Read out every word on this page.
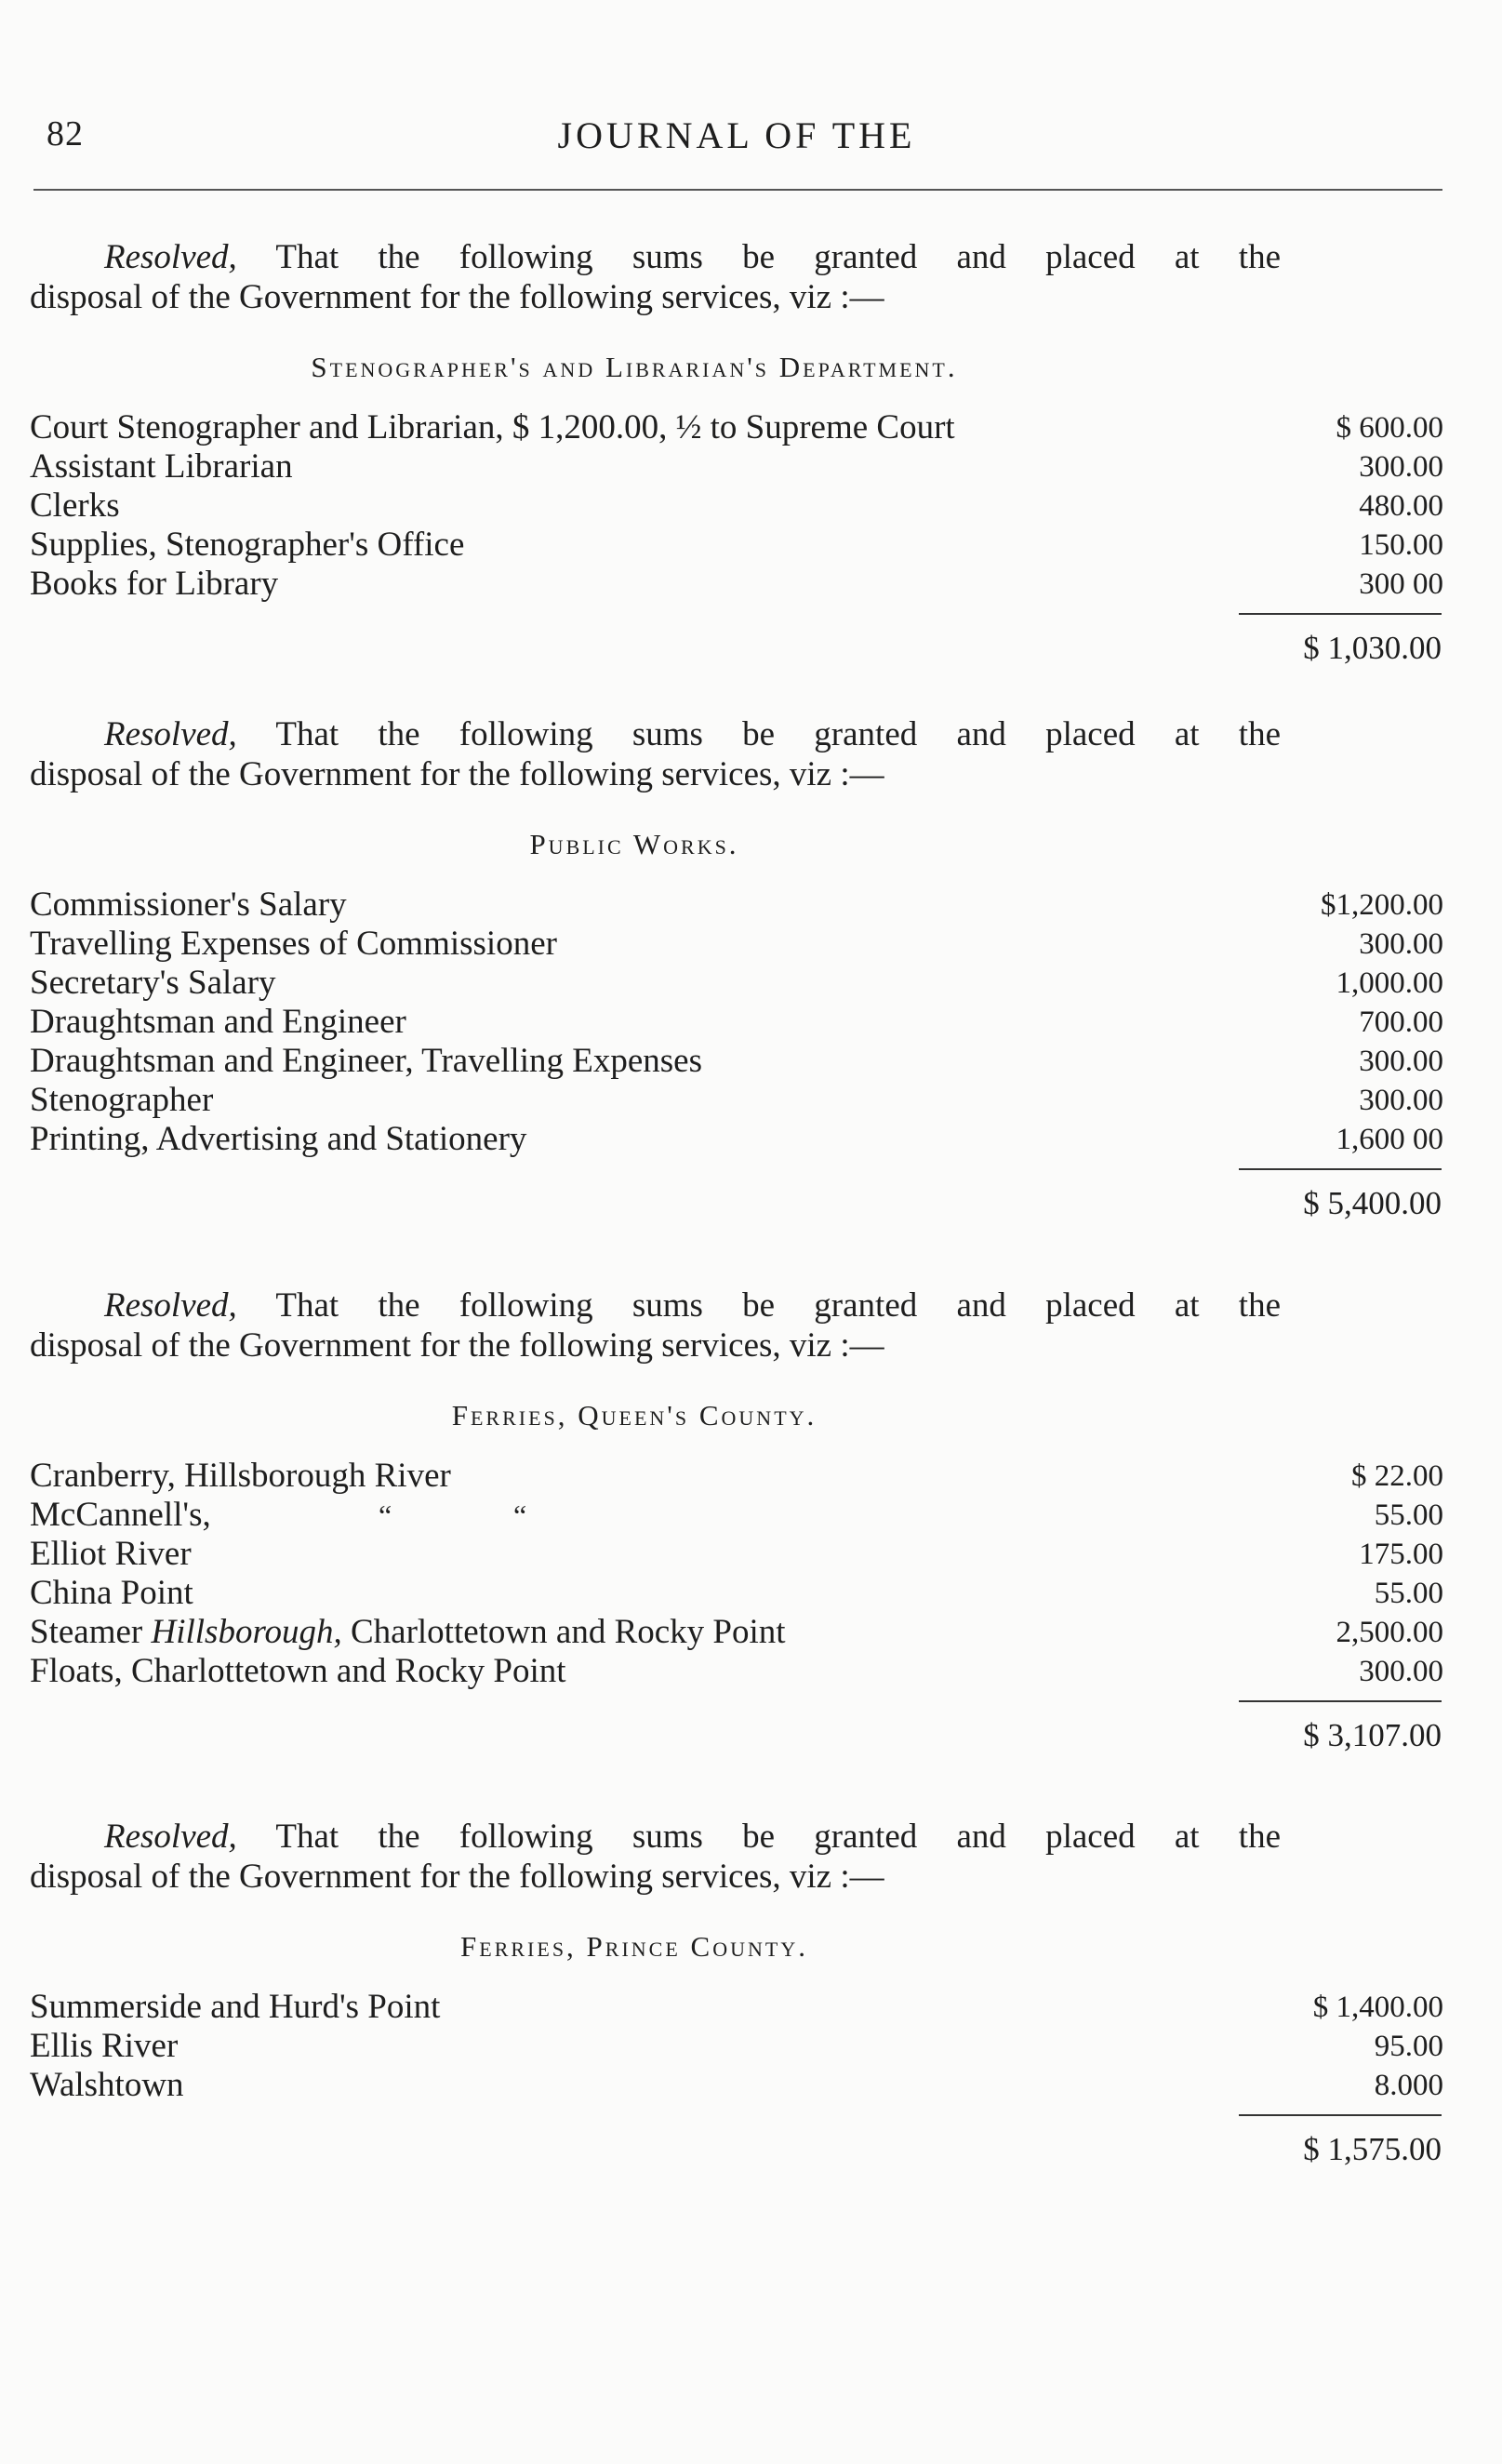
82	JOURNAL OF THE

Resolved, That the following sums be granted and placed at the
disposal of the Government for the following services, viz :—

Stenographer's and Librarian's Department.
Court Stenographer and Librarian, $ 1,200.00, ½ to Supreme Court	$ 600.00
Assistant Librarian	300.00
Clerks	480.00
Supplies, Stenographer's Office	150.00
Books for Library	300 00
$ 1,030.00

Resolved, That the following sums be granted and placed at the
disposal of the Government for the following services, viz :—

Public Works.
Commissioner's Salary	$1,200.00
Travelling Expenses of Commissioner	300.00
Secretary's Salary	1,000.00
Draughtsman and Engineer	700.00
Draughtsman and Engineer, Travelling Expenses	300.00
Stenographer	300.00
Printing, Advertising and Stationery	1,600 00
$ 5,400.00

Resolved, That the following sums be granted and placed at the
disposal of the Government for the following services, viz :—

Ferries, Queen's County.
Cranberry, Hillsborough River	$ 22.00
McCannell's,	“	“	55.00
Elliot River	175.00
China Point	55.00
Steamer Hillsborough, Charlottetown and Rocky Point	2,500.00
Floats, Charlottetown and Rocky Point	300.00
$ 3,107.00

Resolved, That the following sums be granted and placed at the
disposal of the Government for the following services, viz :—

Ferries, Prince County.
Summerside and Hurd's Point	$ 1,400.00
Ellis River	95.00
Walshtown	8.000
$ 1,575.00
